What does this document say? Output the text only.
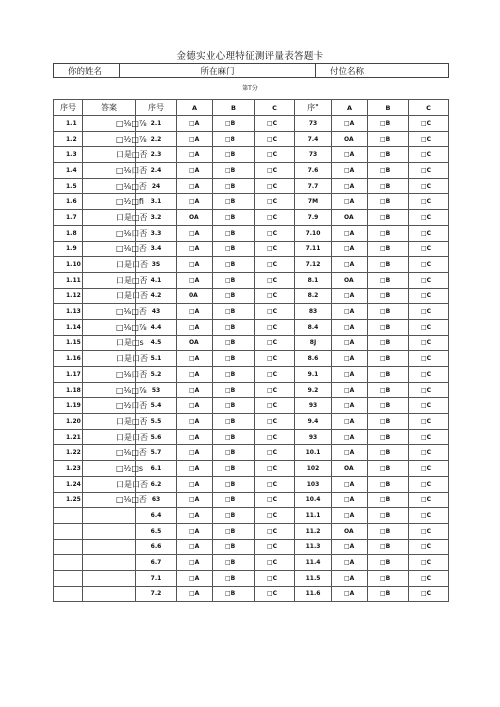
金德实业心理特征测评量表答题卡
你的姓名	所在麻门	付位名称
第T分
序号	答案	序号	A	B	C	序"	A	B	C
1.1	□⅛□⅞	2.1	□A	□B	□C	73	□A	□B	□C
1.2	□½□⅞	2.2	□A	□8	□C	7.4	OA	□B	□C
1.3	口是□否	2.3	□A	□B	□C	73	□A	□B	□C
1.4	□⅛口否	2.4	□A	□B	□C	7.6	□A	□B	□C
1.5	□⅛□否	24	□A	□B	□C	7.7	□A	□B	□C
1.6	□½□fi	3.1	□A	□B	□C	7M	□A	□B	□C
1.7	口是□否	3.2	OA	□B	□C	7.9	OA	□B	□C
1.8	□⅛口否	3.3	□A	□B	□C	7.10	□A	□B	□C
1.9	□⅛□否	3.4	□A	□B	□C	7.11	□A	□B	□C
1.10	口是口否	3S	□A	□B	□C	7.12	□A	□B	□C
1.11	口是□否	4.1	□A	□B	□C	8.1	OA	□B	□C
1.12	口是口否	4.2	0A	□B	□C	8.2	□A	□B	□C
1.13	□⅛□否	43	□A	□B	□C	83	□A	□B	□C
1.14	□⅛□⅞	4.4	□A	□B	□C	8.4	□A	□B	□C
1.15	口是□s	4.5	OA	□B	□C	8J	□A	□B	□C
1.16	口是口否	5.1	□A	□B	□C	8.6	□A	□B	□C
1.17	□⅛口否	5.2	□A	□B	□C	9.1	□A	□B	□C
1.18	□⅛□⅞	53	□A	□B	□C	9.2	□A	□B	□C
1.19	□½口否	5.4	□A	□B	□C	93	□A	□B	□C
1.20	口是□否	5.5	□A	□B	□C	9.4	□A	□B	□C
1.21	口是口否	5.6	□A	□B	□C	93	□A	□B	□C
1.22	□⅛□否	5.7	□A	□B	□C	10.1	□A	□B	□C
1.23	□½□s	6.1	□A	□B	□C	102	OA	□B	□C
1.24	口是口否	6.2	□A	□B	□C	103	□A	□B	□C
1.25	□⅛□否	63	□A	□B	□C	10.4	□A	□B	□C
		6.4	□A	□B	□C	11.1	□A	□B	□C
		6.5	□A	□B	□C	11.2	OA	□B	□C
		6.6	□A	□B	□C	11.3	□A	□B	□C
		6.7	□A	□B	□C	11.4	□A	□B	□C
		7.1	□A	□B	□C	11.5	□A	□B	□C
		7.2	□A	□B	□C	11.6	□A	□B	□C
